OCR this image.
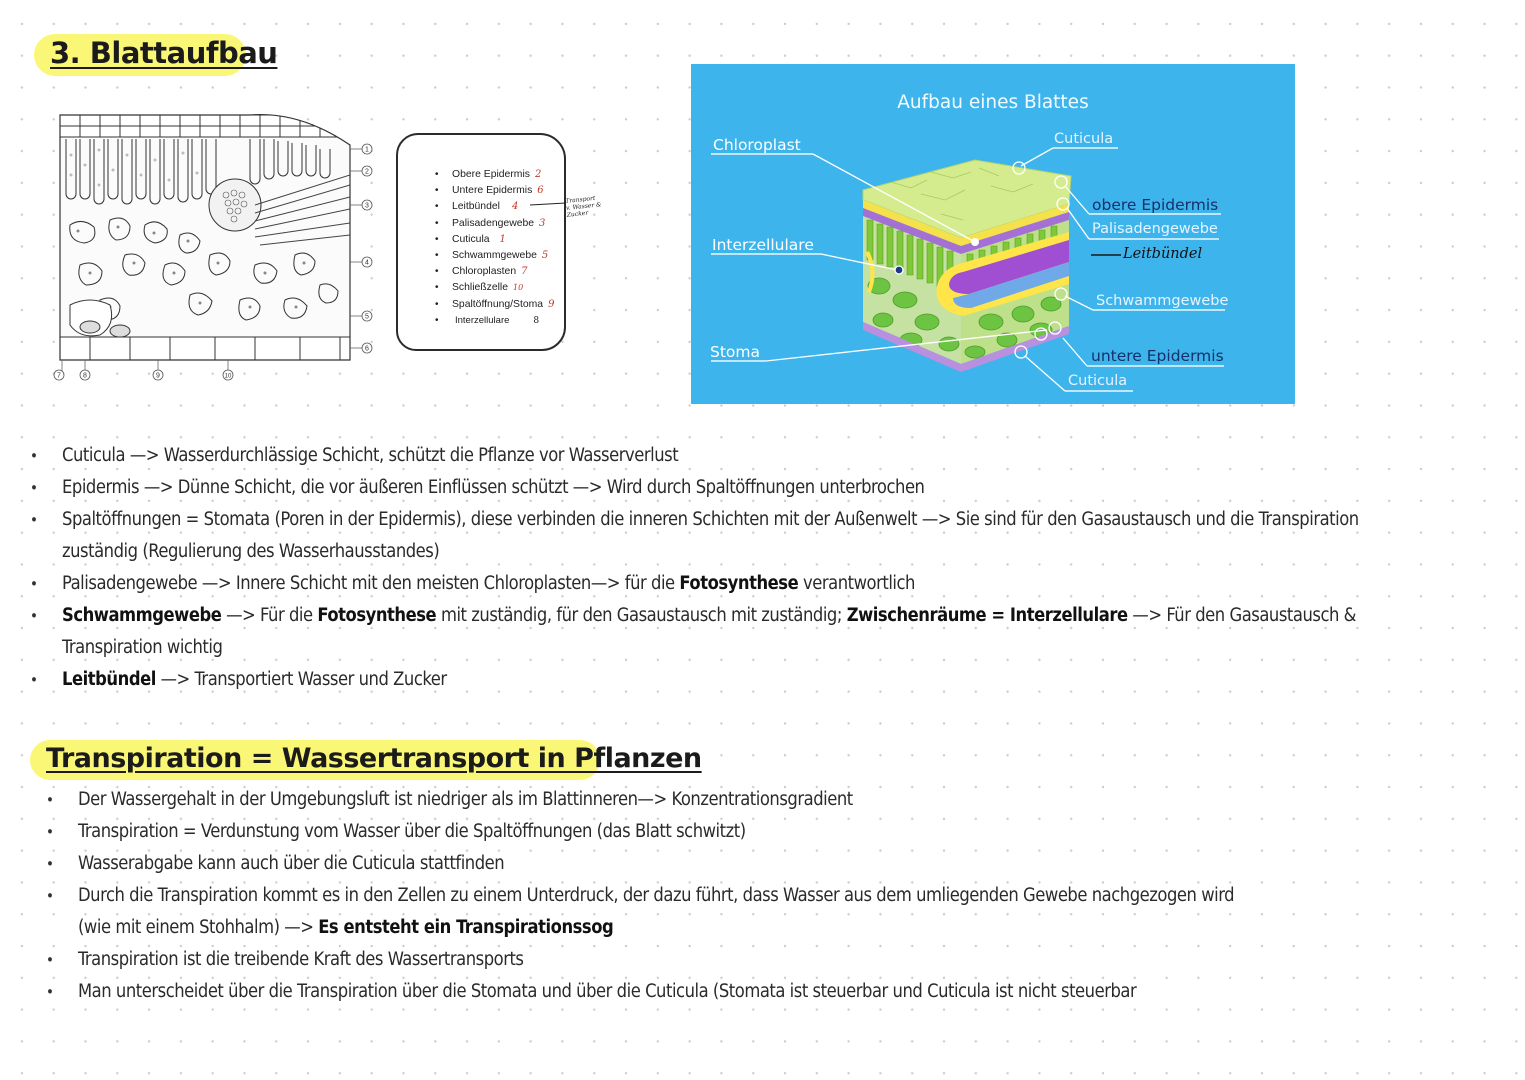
3. Blattaufbau
1
2
3
4
5
6
7	8	9	10
• Obere Epidermis 2
• Untere Epidermis 6
• Leitbündel 4
• Palisadengewebe 3
• Cuticula 1
• Schwammgewebe 5
• Chloroplasten 7
• Schließzelle 10
• Spaltöffnung/Stoma 9
• Interzellulare	8
Transport v. Wasser & Zucker
Aufbau eines Blattes
Chloroplast	Cuticula
obere Epidermis
Palisadengewebe
Leitbündel
Interzellulare
Schwammgewebe
Stoma	untere Epidermis
Cuticula
• Cuticula —> Wasserdurchlässige Schicht, schützt die Pflanze vor Wasserverlust
• Epidermis —> Dünne Schicht, die vor äußeren Einflüssen schützt —> Wird durch Spaltöffnungen unterbrochen
• Spaltöffnungen = Stomata (Poren in der Epidermis), diese verbinden die inneren Schichten mit der Außenwelt —> Sie sind für den Gasaustausch und die Transpiration
zuständig (Regulierung des Wasserhausstandes)
• Palisadengewebe —> Innere Schicht mit den meisten Chloroplasten—> für die Fotosynthese verantwortlich
• Schwammgewebe —> Für die Fotosynthese mit zuständig, für den Gasaustausch mit zuständig; Zwischenräume = Interzellulare —> Für den Gasaustausch &
Transpiration wichtig
• Leitbündel —> Transportiert Wasser und Zucker
Transpiration = Wassertransport in Pflanzen
• Der Wassergehalt in der Umgebungsluft ist niedriger als im Blattinneren—> Konzentrationsgradient
• Transpiration = Verdunstung vom Wasser über die Spaltöffnungen (das Blatt schwitzt)
• Wasserabgabe kann auch über die Cuticula stattfinden
• Durch die Transpiration kommt es in den Zellen zu einem Unterdruck, der dazu führt, dass Wasser aus dem umliegenden Gewebe nachgezogen wird
(wie mit einem Stohhalm) —> Es entsteht ein Transpirationssog
• Transpiration ist die treibende Kraft des Wassertransports
• Man unterscheidet über die Transpiration über die Stomata und über die Cuticula (Stomata ist steuerbar und Cuticula ist nicht steuerbar
